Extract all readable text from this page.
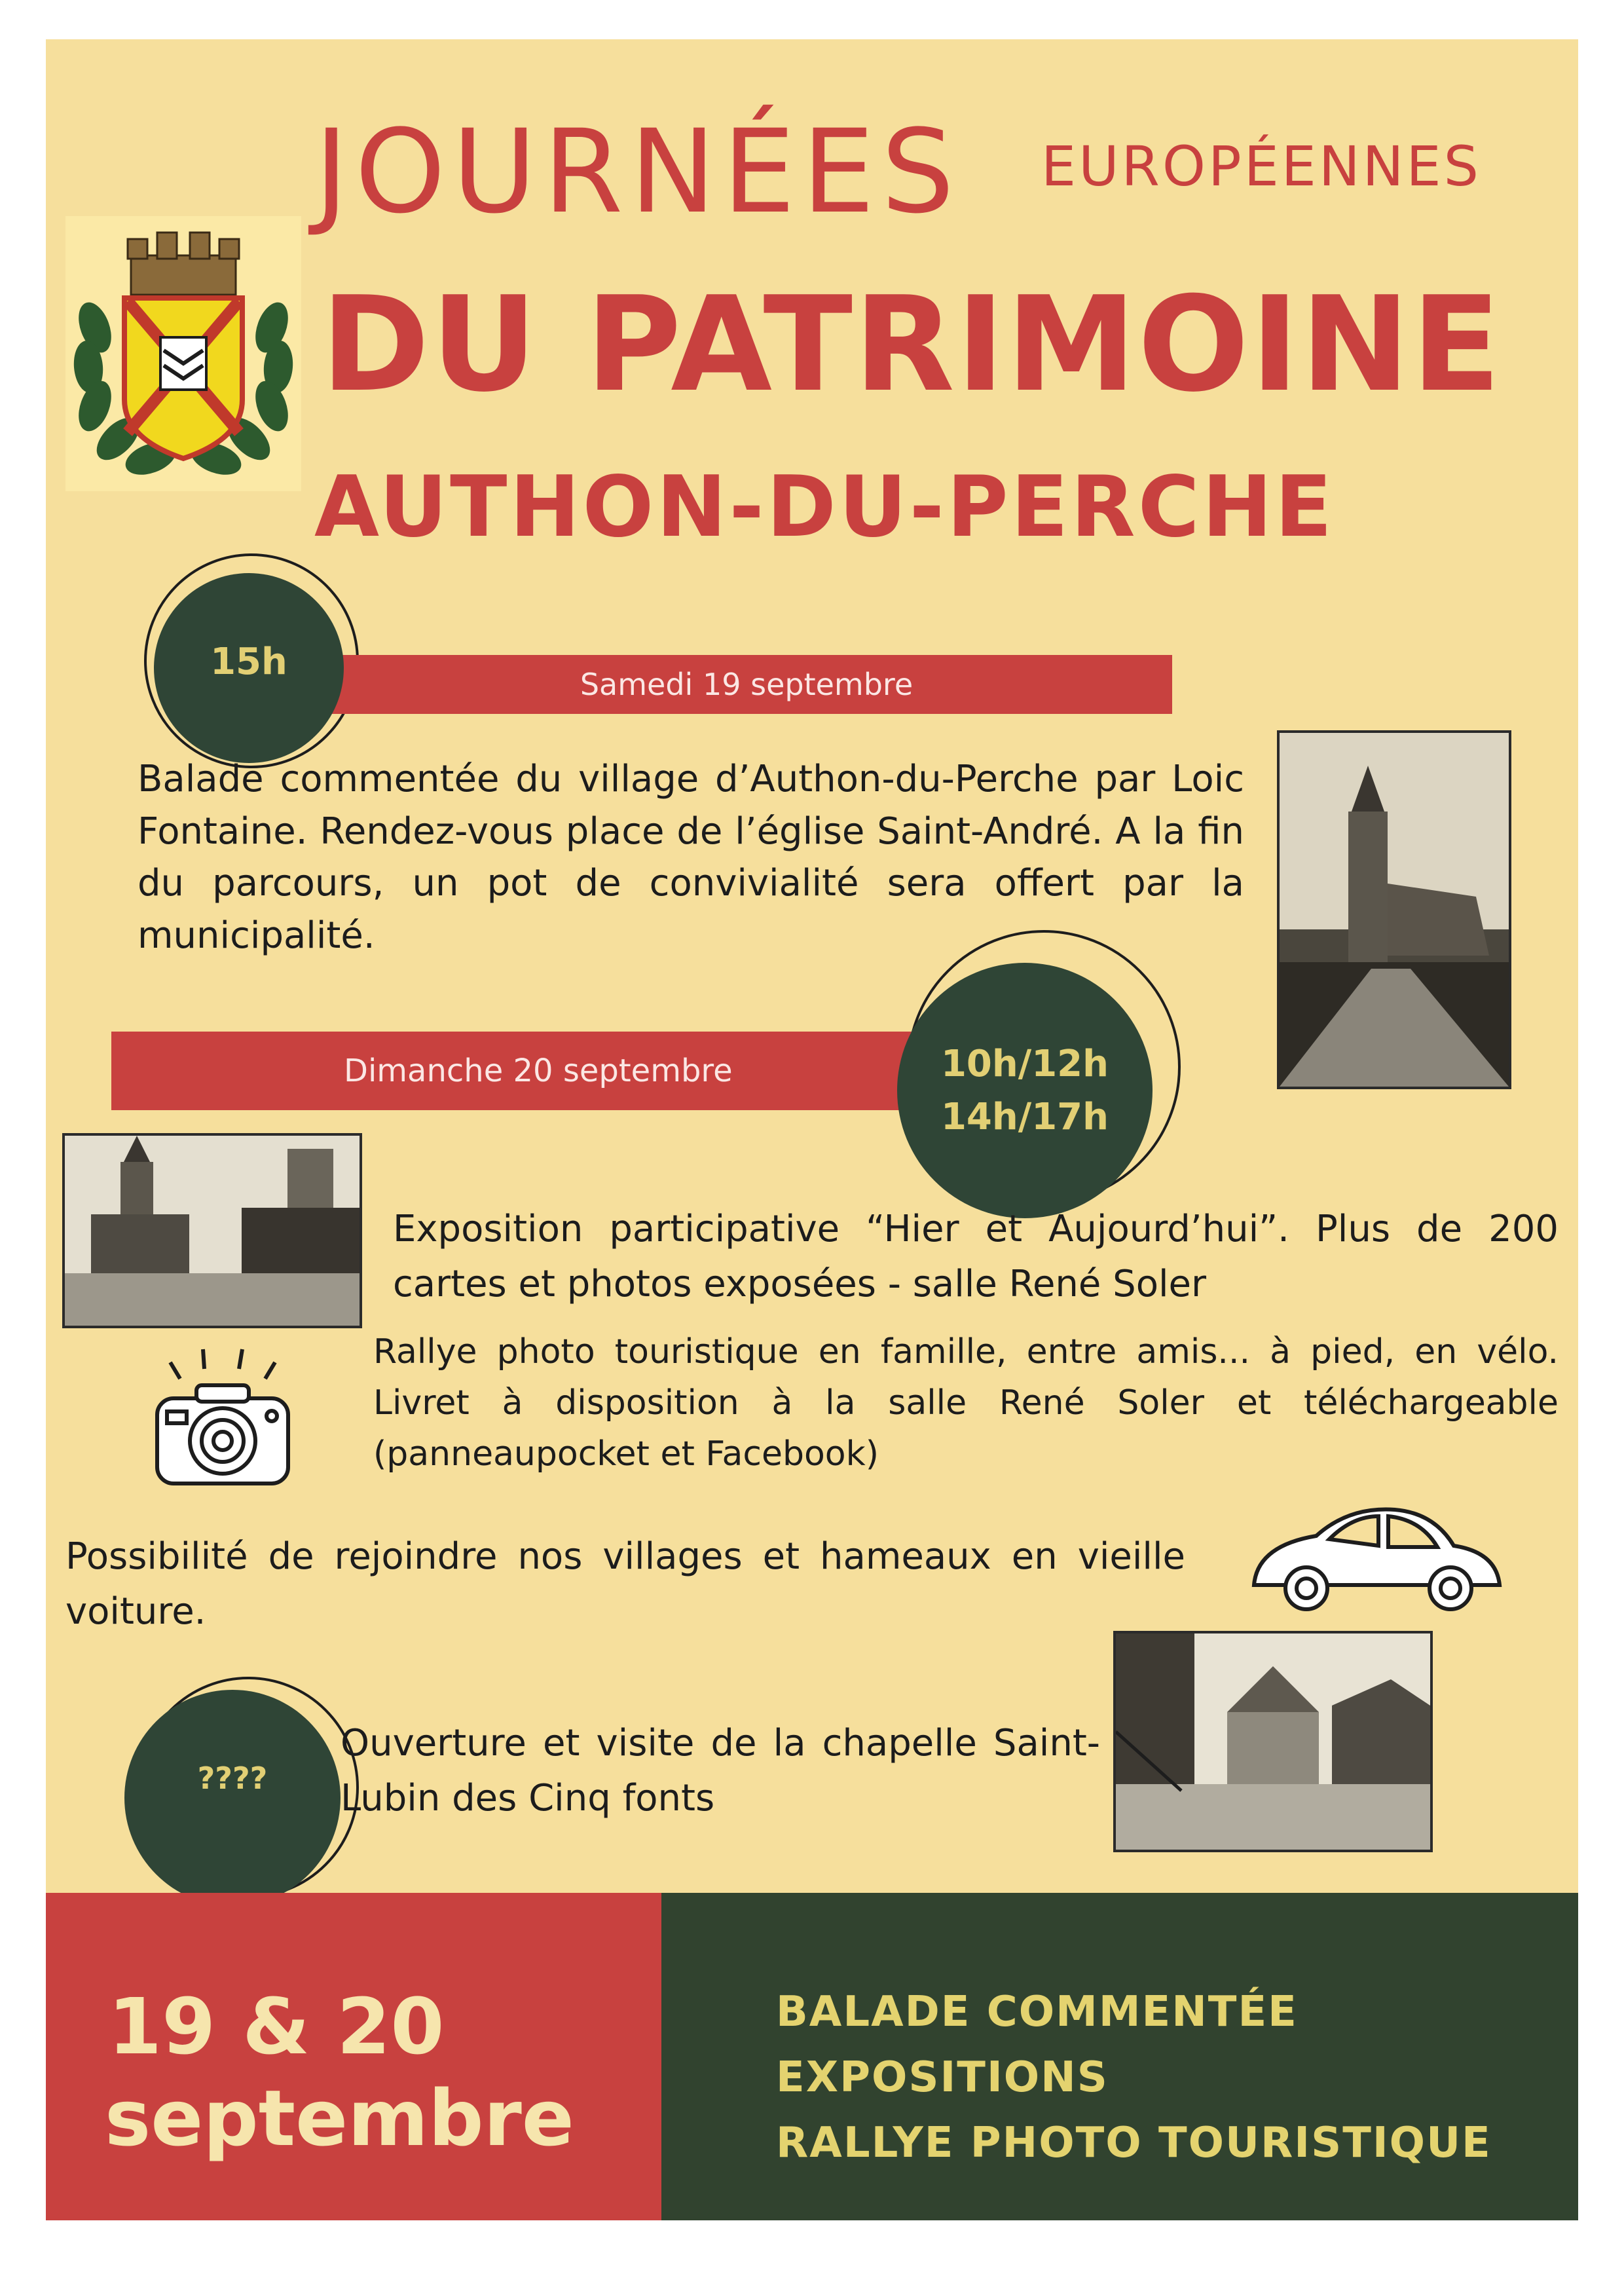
JOURNÉES EUROPÉENNES
DU PATRIMOINE
AUTHON-DU-PERCHE
Samedi 19 septembre
15h
Balade commentée du village d’Authon-du-Perche par Loic Fontaine. Rendez-vous place de l’église Saint-André. A la fin du parcours, un pot de convivialité sera offert par la municipalité.
Dimanche 20 septembre	10h/12h
14h/17h
Exposition participative “Hier et Aujourd’hui”. Plus de 200 cartes et photos exposées - salle René Soler
Rallye photo touristique en famille, entre amis... à pied, en vélo. Livret à disposition à la salle René Soler et téléchargeable (panneaupocket et Facebook)
Possibilité de rejoindre nos villages et hameaux en vieille voiture.
????
Ouverture et visite de la chapelle Saint-Lubin des Cinq fonts
19 & 20
septembre
BALADE COMMENTÉE
EXPOSITIONS
RALLYE PHOTO TOURISTIQUE
